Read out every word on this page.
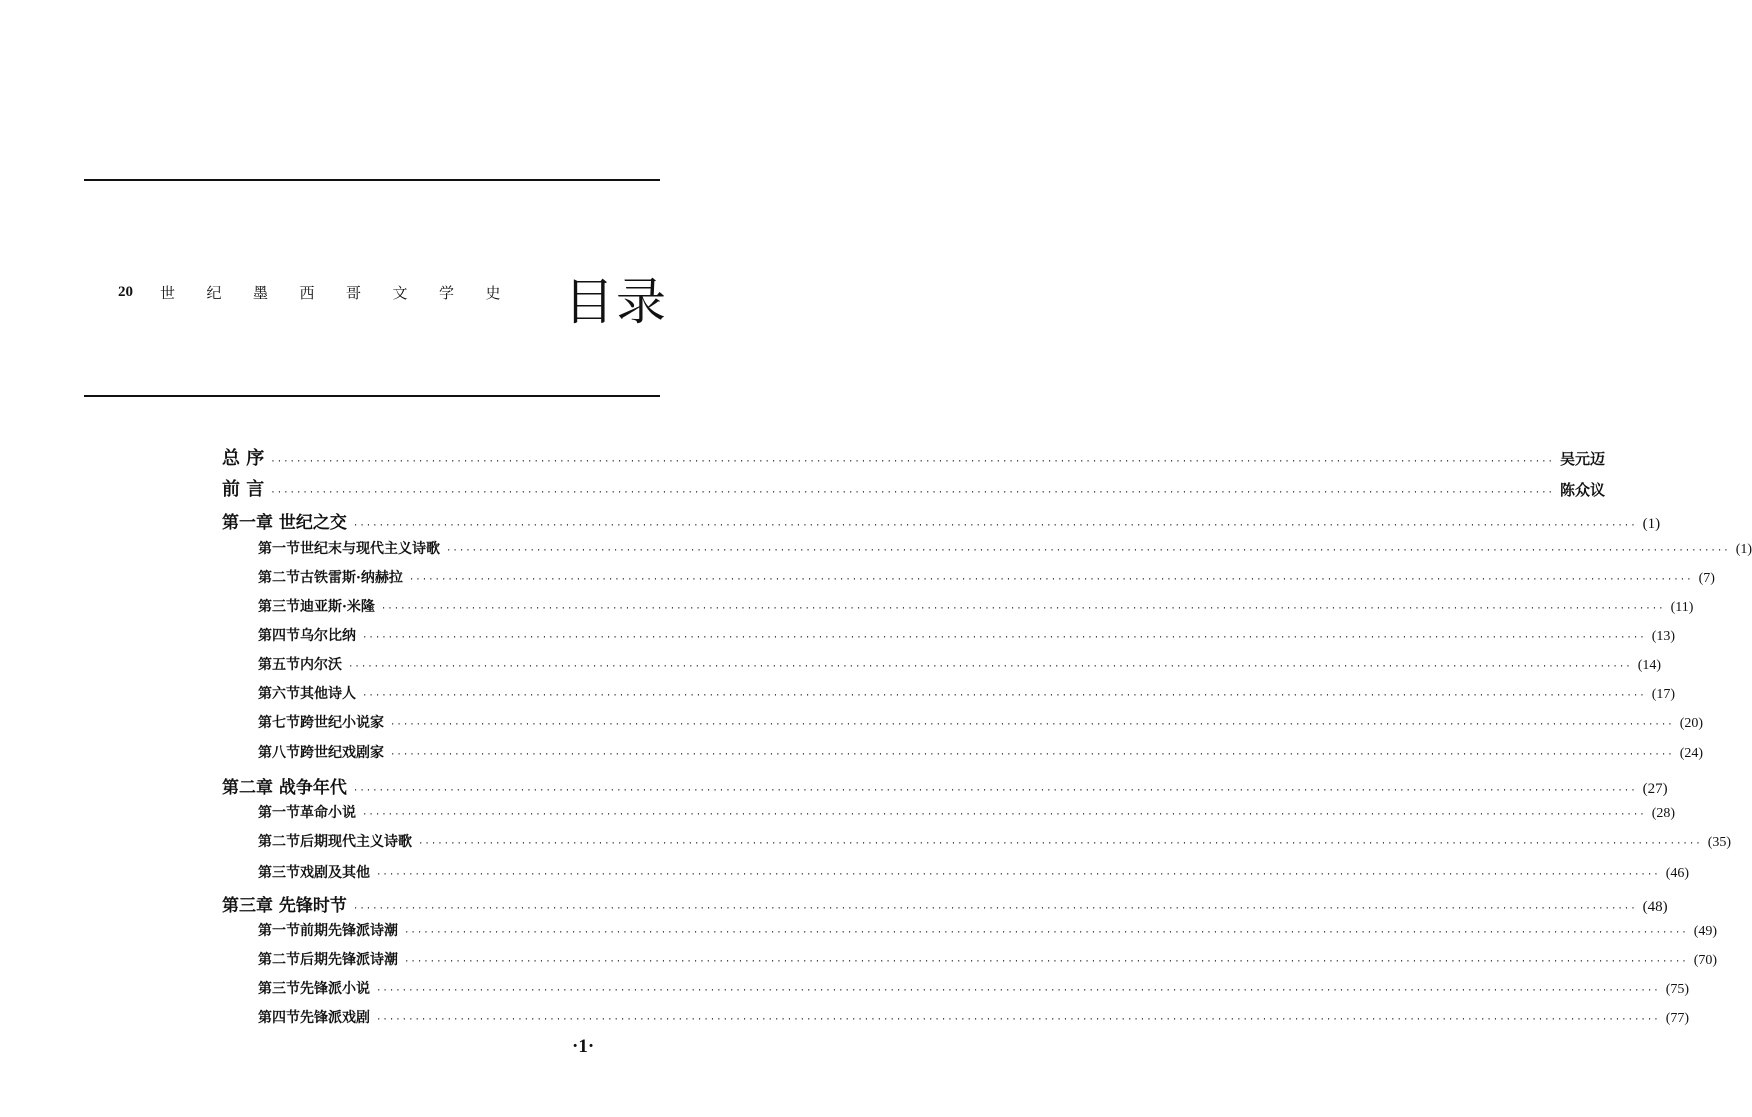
20	世	纪	墨	西	哥	文	学	史	目录
总 序 ········································································································································································································ 吴元迈
前 言 ········································································································································································································ 陈众议
第一章 世纪之交 ········································································································································································································ (1)
第一节 世纪末与现代主义诗歌 ········································································································································································································ (1)
第二节 古铁雷斯·纳赫拉 ········································································································································································································ (7)
第三节 迪亚斯·米隆 ········································································································································································································ (11)
第四节 乌尔比纳 ········································································································································································································ (13)
第五节 内尔沃 ········································································································································································································ (14)
第六节 其他诗人 ········································································································································································································ (17)
第七节 跨世纪小说家 ········································································································································································································ (20)
第八节 跨世纪戏剧家 ········································································································································································································ (24)
第二章 战争年代 ········································································································································································································ (27)
第一节 革命小说 ········································································································································································································ (28)
第二节 后期现代主义诗歌 ········································································································································································································ (35)
第三节 戏剧及其他 ········································································································································································································ (46)
第三章 先锋时节 ········································································································································································································ (48)
第一节 前期先锋派诗潮 ········································································································································································································ (49)
第二节 后期先锋派诗潮 ········································································································································································································ (70)
第三节 先锋派小说 ········································································································································································································ (75)
第四节 先锋派戏剧 ········································································································································································································ (77)
·1·
